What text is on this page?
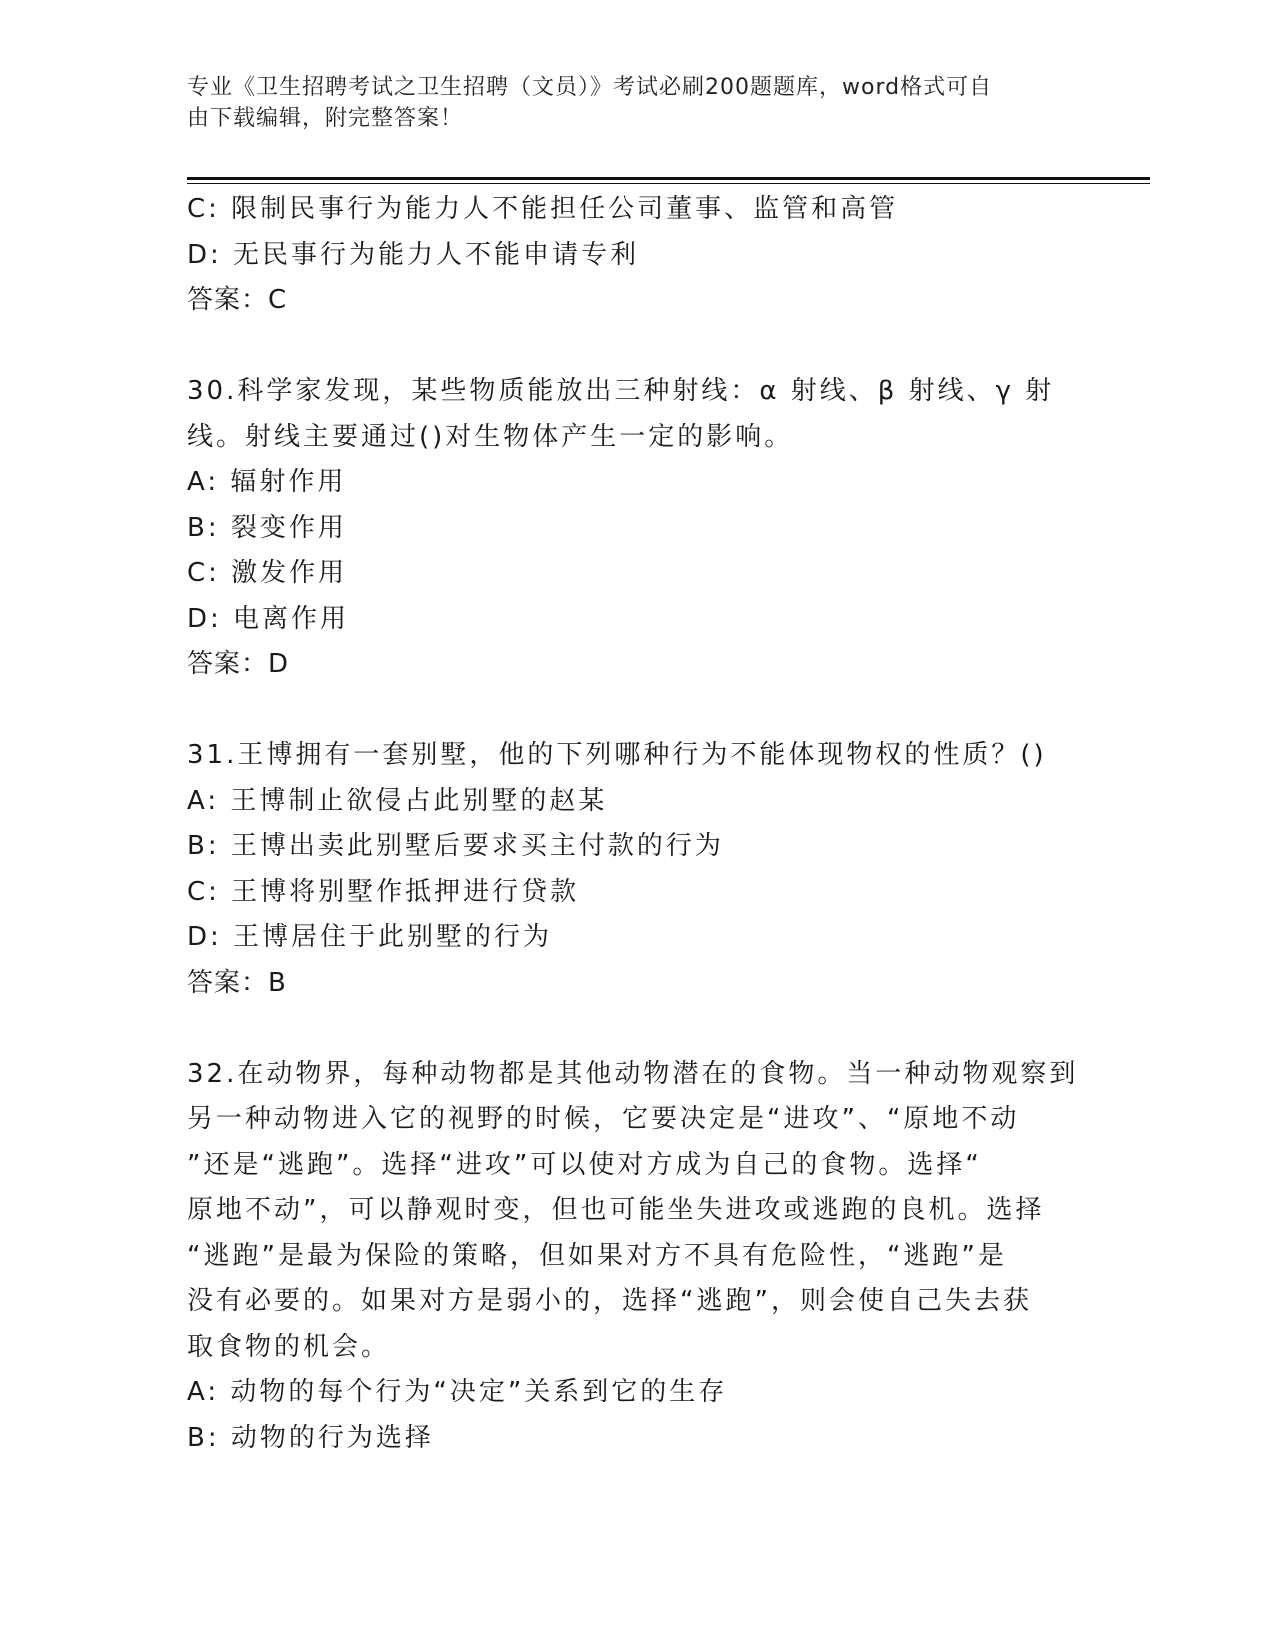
专业《卫生招聘考试之卫生招聘（文员）》考试必刷200题题库，word格式可自
由下载编辑，附完整答案！

C: 限制民事行为能力人不能担任公司董事、监管和高管

D: 无民事行为能力人不能申请专利

答案：C

30.科学家发现，某些物质能放出三种射线：α 射线、β 射线、γ 射

线。射线主要通过()对生物体产生一定的影响。

A: 辐射作用

B: 裂变作用

C: 激发作用

D: 电离作用

答案：D

31.王博拥有一套别墅，他的下列哪种行为不能体现物权的性质？()

A: 王博制止欲侵占此别墅的赵某

B: 王博出卖此别墅后要求买主付款的行为

C: 王博将别墅作抵押进行贷款

D: 王博居住于此别墅的行为

答案：B

32.在动物界，每种动物都是其他动物潜在的食物。当一种动物观察到

另一种动物进入它的视野的时候，它要决定是“进攻”、“原地不动

”还是“逃跑”。选择“进攻”可以使对方成为自己的食物。选择“

原地不动”，可以静观时变，但也可能坐失进攻或逃跑的良机。选择

“逃跑”是最为保险的策略，但如果对方不具有危险性，“逃跑”是

没有必要的。如果对方是弱小的，选择“逃跑”，则会使自己失去获

取食物的机会。

A: 动物的每个行为“决定”关系到它的生存

B: 动物的行为选择
